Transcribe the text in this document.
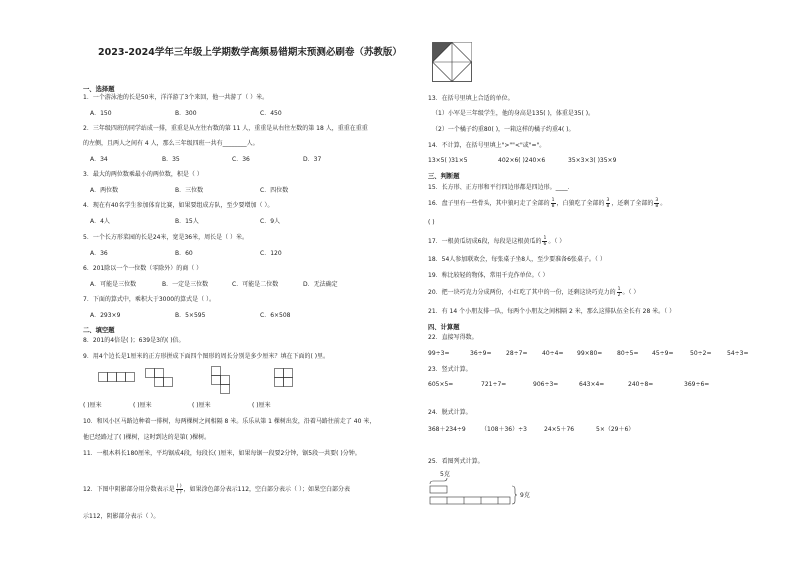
2023-2024学年三年级上学期数学高频易错期末预测必刷卷（苏教版）
一、选择题
1．一个游泳池的长是50米，洋洋游了3个来回，他一共游了（ ）米。
A．150	B．300	C．450
2．三年级四班的同学站成一排，重重是从左往右数的第 11 人，重重是从右往左数的第 18 人，重重在重重
的左侧，且两人之间有 4 人，那么三年级四班一共有________人。
A．34	B．35	C．36	D．37
3．最大的两位数乘最小的两位数，积是（ ）
A．两位数	B．三位数	C．四位数
4．现在有40名学生参加体育比赛，如果要组成方队，至少要增加（ ）。
A．4人	B．15人	C．9人
5．一个长方形菜园的长是24米，宽是36米，周长是（ ）米。
A．36	B．60	C．120
6．201除以一个一位数（零除外）的商（ ）
A．可能是三位数	B．一定是三位数	C．可能是二位数	D．无法确定
7．下面的算式中，乘积大于3000的算式是（ ）。
A．293×9	B．5×595	C．6×508
二、填空题
8．201的4倍是( )；639是3的( )倍。
9．用4个边长是1厘米的正方形拼成下面四个图形的周长分别是多少厘米？填在下面的( )里。
( )厘米	( )厘米	( )厘米	( )厘米
10．和风小区马路边种着一排树，每两棵树之间相隔 8 米。乐乐从第 1 棵树出发，沿着马路往前走了 40 米，
他已经路过了( )棵树，这时到达的是第( )棵树。
11．一根木料长180厘米，平均锯成4段，每段长( )厘米，如果每锯一段要2分钟，锯5段一共要( )分钟。
12．下图中阴影部分用分数表示是 $\frac{( )}{( )}$ ，如果涂色部分表示112，空白部分表示（ ）；如果空白部分表
示112，阴影部分表示（ ）。
13．在括号里填上合适的单位。
（1）小军是三年级学生，他的身高是135( )，体重是35( )。
（2）一个橘子约重80( )，一箱这样的橘子约重4( )。
14．不计算，在括号里填上">""<"或"="。
13×5( )31×5	402×6( )240×6	35×3×3( )35×9
三、判断题
15．长方形、正方形和平行四边形都是四边形。____．
16．盘子里有一些骨头，其中狼叼走了全部的 $\frac{1}{8}$ ，白狼吃了全部的 $\frac{3}{8}$ ，还剩了全部的 $\frac{3}{8}$ 。
( )
17．一根黄瓜切成6段，每段是这根黄瓜的 $\frac{1}{6}$ 。（ ）
18．54人参加联欢会，每张桌子坐8人，至少要准备6张桌子。（ ）
19．称比较轻的物体，常用千克作单位。（ ）
20．把一块巧克力分成两份，小红吃了其中的一份，还剩这块巧克力的 $\frac{1}{2}$ 。（ ）
21．有 14 个小朋友排一队，每两个小朋友之间相隔 2 米，那么这排队伍全长有 28 米。（ ）
四、计算题
22．直接写得数。
99÷3=	36÷9= 28÷7= 40÷4= 99×80= 80÷5= 45÷9=	50÷2=	54÷3=
23．竖式计算。
605×5=	721÷7=	906÷3=	643×4=	240÷8=	369÷6=
24．脱式计算。
368＋234÷9	（108＋36）÷3	24×5＋76	5×（29＋6）
25．看图列式计算。
5克
9克
